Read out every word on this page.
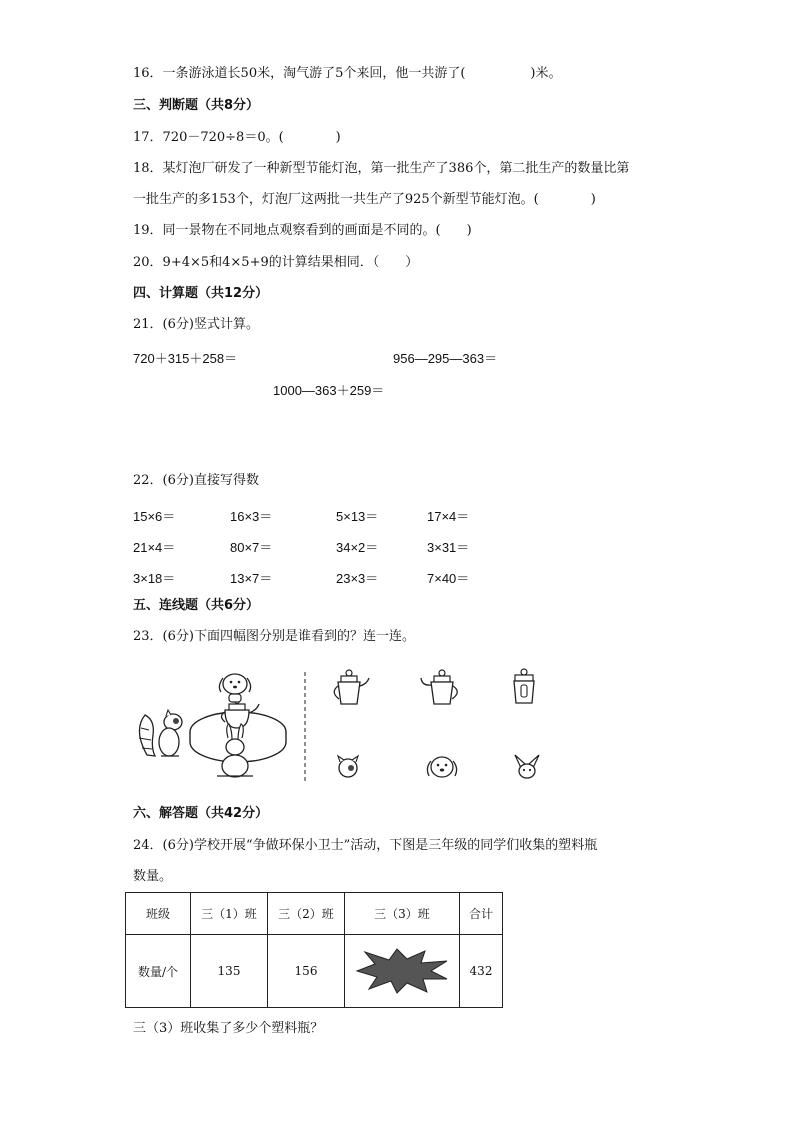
16．一条游泳道长50米，淘气游了5个来回，他一共游了(　　　　　)米。
三、判断题（共8分）
17．720－720÷8＝0。(　　　　)
18．某灯泡厂研发了一种新型节能灯泡，第一批生产了386个，第二批生产的数量比第
一批生产的多153个，灯泡厂这两批一共生产了925个新型节能灯泡。(　　　　)
19．同一景物在不同地点观察看到的画面是不同的。(　　)
20．9+4×5和4×5+9的计算结果相同．（　　）
四、计算题（共12分）
21．(6分)竖式计算。
720＋315＋258＝	956—295—363＝
1000—363＋259＝
22．(6分)直接写得数
15×6＝	16×3＝	5×13＝	17×4＝
21×4＝	80×7＝	34×2＝	3×31＝
3×18＝	13×7＝	23×3＝	7×40＝
五、连线题（共6分）
23．(6分)下面四幅图分别是谁看到的？连一连。
六、解答题（共42分）
24．(6分)学校开展“争做环保小卫士”活动，下图是三年级的同学们收集的塑料瓶
数量。
班级	三（1）班	三（2）班	三（3）班	合计
数量/个	135	156		432
三（3）班收集了多少个塑料瓶？
